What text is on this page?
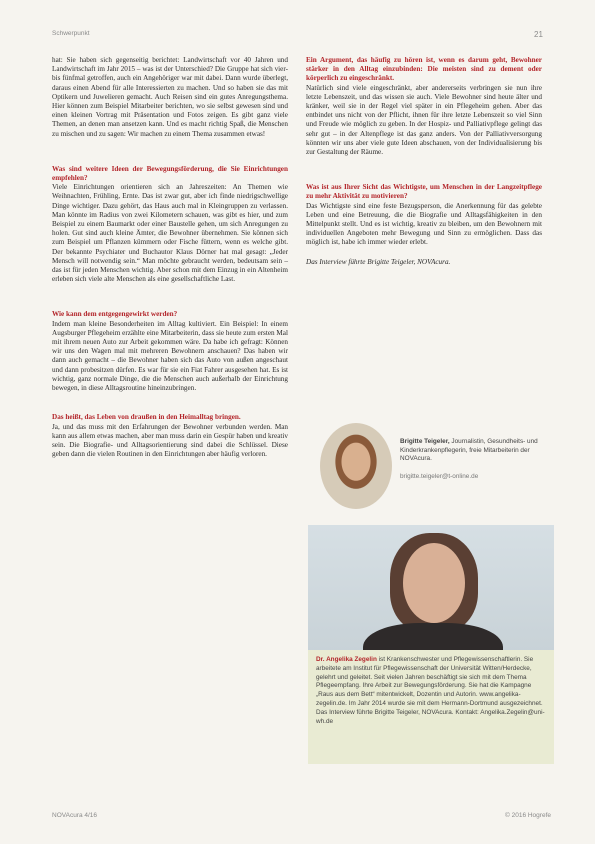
Schwerpunkt	21

hat: Sie haben sich gegenseitig berichtet: Landwirtschaft vor 40 Jahren und Landwirtschaft im Jahr 2015 – was ist der Unterschied? Die Gruppe hat sich vier-bis fünfmal getroffen, auch ein Angehöriger war mit dabei. Dann wurde überlegt, daraus einen Abend für alle Interessierten zu machen. Und so haben sie das mit Optikern und Juwelieren gemacht. Auch Reisen sind ein gutes Anregungsthema. Hier können zum Beispiel Mitarbeiter berichten, wo sie selbst gewesen sind und einen kleinen Vortrag mit Präsentation und Fotos zeigen. Es gibt ganz viele Themen, an denen man ansetzen kann. Und es macht richtig Spaß, die Menschen zu mischen und zu sagen: Wir machen zu einem Thema zusammen etwas!

Was sind weitere Ideen der Bewegungsförderung, die Sie Einrichtungen empfehlen?

Viele Einrichtungen orientieren sich an Jahreszeiten: An Themen wie Weihnachten, Frühling, Ernte. Das ist zwar gut, aber ich finde niedrigschwellige Dinge wichtiger. Dazu gehört, das Haus auch mal in Kleingruppen zu verlassen. Man könnte im Radius von zwei Kilometern schauen, was gibt es hier, und zum Beispiel zu einem Baumarkt oder einer Baustelle gehen, um sich Anregungen zu holen. Gut sind auch kleine Ämter, die Bewohner übernehmen. Sie können sich zum Beispiel um Pflanzen kümmern oder Fische füttern, wenn es welche gibt. Der bekannte Psychiater und Buchautor Klaus Dörner hat mal gesagt: „Jeder Mensch will notwendig sein.“ Man möchte gebraucht werden, bedeutsam sein – das ist für jeden Menschen wichtig. Aber schon mit dem Einzug in ein Altenheim erleben sich viele alte Menschen als eine gesellschaftliche Last.

Wie kann dem entgegengewirkt werden?

Indem man kleine Besonderheiten im Alltag kultiviert. Ein Beispiel: In einem Augsburger Pflegeheim erzählte eine Mitarbeiterin, dass sie heute zum ersten Mal mit ihrem neuen Auto zur Arbeit gekommen wäre. Da habe ich gefragt: Können wir uns den Wagen mal mit mehreren Bewohnern anschauen? Das haben wir dann auch gemacht – die Bewohner haben sich das Auto von außen angeschaut und dann probesitzen dürfen. Es war für sie ein Fiat Fahrer ausgesehen hat. Es ist wichtig, ganz normale Dinge, die die Menschen auch außerhalb der Einrichtung bewegen, in diese Alltagsroutine hineinzubringen.

Das heißt, das Leben von draußen in den Heimalltag bringen.

Ja, und das muss mit den Erfahrungen der Bewohner verbunden werden. Man kann aus allem etwas machen, aber man muss darin ein Gespür haben und kreativ sein. Die Biografie- und Alltagsorientierung sind dabei die Schlüssel. Diese geben dann die vielen Routinen in den Einrichtungen aber häufig verloren.

Ein Argument, das häufig zu hören ist, wenn es darum geht, Bewohner stärker in den Alltag einzubinden: Die meisten sind zu dement oder körperlich zu eingeschränkt.

Natürlich sind viele eingeschränkt, aber andererseits verbringen sie nun ihre letzte Lebenszeit, und das wissen sie auch. Viele Bewohner sind heute älter und kränker, weil sie in der Regel viel später in ein Pflegeheim gehen. Aber das entbindet uns nicht von der Pflicht, ihnen für ihre letzte Lebenszeit so viel Sinn und Freude wie möglich zu geben. In der Hospiz- und Palliativpflege gelingt das sehr gut – in der Altenpflege ist das ganz anders. Von der Palliativversorgung könnten wir uns aber viele gute Ideen abschauen, von der Individualisierung bis zur Gestaltung der Räume.

Was ist aus Ihrer Sicht das Wichtigste, um Menschen in der Langzeitpflege zu mehr Aktivität zu motivieren?

Das Wichtigste sind eine feste Bezugsperson, die Anerkennung für das gelebte Leben und eine Betreuung, die die Biografie und Alltagsfähigkeiten in den Mittelpunkt stellt. Und es ist wichtig, kreativ zu bleiben, um den Bewohnern mit individuellen Angeboten mehr Bewegung und Sinn zu ermöglichen. Dass das möglich ist, habe ich immer wieder erlebt.

Das Interview führte Brigitte Teigeler, NOVAcura.

Brigitte Teigeler, Journalistin, Gesundheits- und Kinderkrankenpflegerin, freie Mitarbeiterin der NOVAcura.
brigitte.teigeler@t-online.de
Dr. Angelika Zegelin ist Krankenschwester und Pflegewissenschaftlerin. Sie arbeitete am Institut für Pflegewissenschaft der Universität Witten/Herdecke, gelehrt und geleitet. Seit vielen Jahren beschäftigt sie sich mit dem Thema Pflegeempfang. Ihre Arbeit zur Bewegungsförderung. Sie hat die Kampagne „Raus aus dem Bett“ mitentwickelt, Dozentin und Autorin. www.angelika-zegelin.de. Im Jahr 2014 wurde sie mit dem Hermann-Dortmund ausgezeichnet. Das Interview führte Brigitte Teigeler, NOVAcura. Kontakt: Angelika.Zegelin@uni-wh.de
NOVAcura 4/16	© 2016 Hogrefe
